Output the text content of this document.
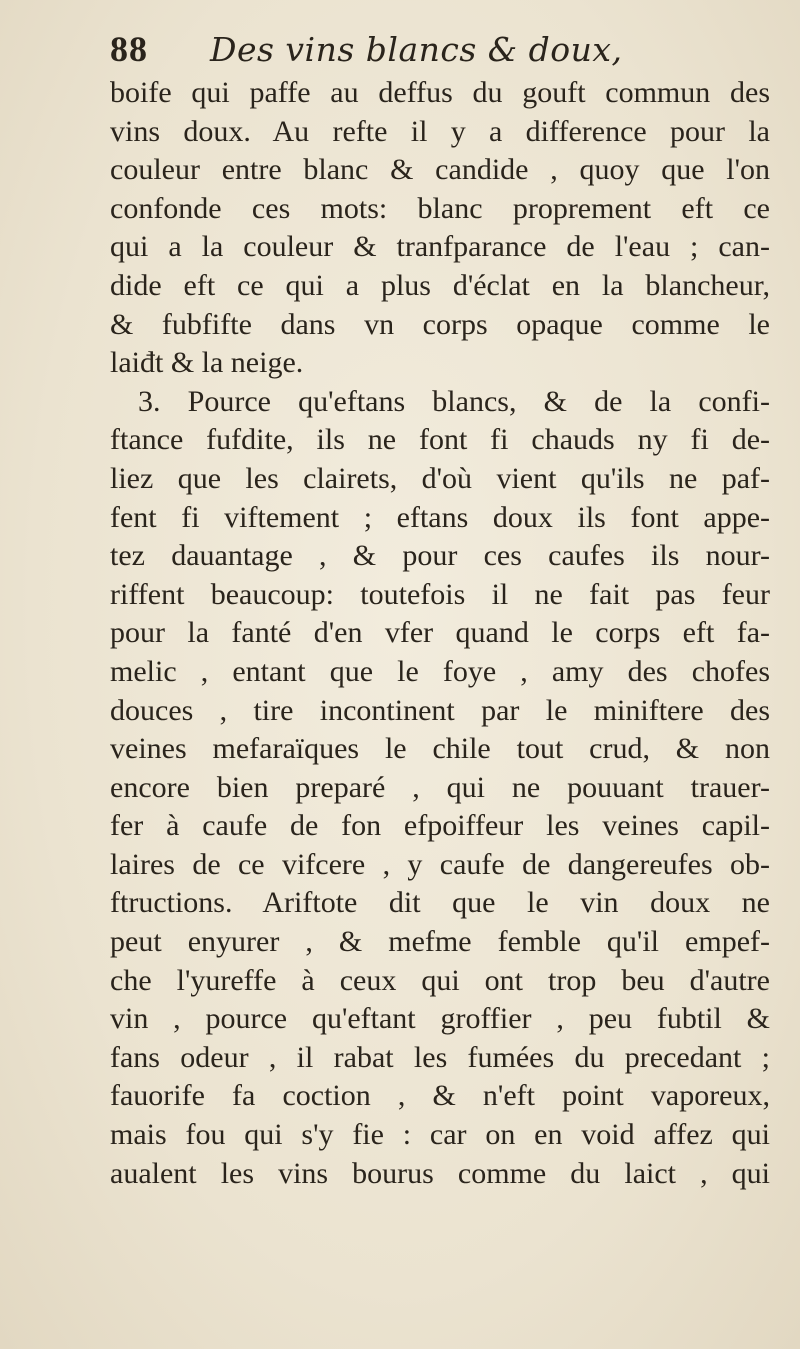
88 Des vins blancs & doux,
boife qui paffe au deffus du gouft commun des
vins doux. Au refte il y a difference pour la
couleur entre blanc & candide , quoy que l'on
confonde ces mots: blanc proprement eft ce
qui a la couleur & tranfparance de l'eau ; can-
dide eft ce qui a plus d'éclat en la blancheur,
& fubfifte dans vn corps opaque comme le
laiđt & la neige.
3. Pource qu'eftans blancs, & de la confi-
ftance fufdite, ils ne font fi chauds ny fi de-
liez que les clairets, d'où vient qu'ils ne paf-
fent fi viftement ; eftans doux ils font appe-
tez dauantage , & pour ces caufes ils nour-
riffent beaucoup: toutefois il ne fait pas feur
pour la fanté d'en vfer quand le corps eft fa-
melic , entant que le foye , amy des chofes
douces , tire incontinent par le miniftere des
veines mefaraïques le chile tout crud, & non
encore bien preparé , qui ne pouuant trauer-
fer à caufe de fon efpoiffeur les veines capil-
laires de ce vifcere , y caufe de dangereufes ob-
ftructions. Ariftote dit que le vin doux ne
peut enyurer , & mefme femble qu'il empef-
che l'yureffe à ceux qui ont trop beu d'autre
vin , pource qu'eftant groffier , peu fubtil &
fans odeur , il rabat les fumées du precedant ;
fauorife fa coction , & n'eft point vaporeux,
mais fou qui s'y fie : car on en void affez qui
aualent les vins bourus comme du laict , qui
